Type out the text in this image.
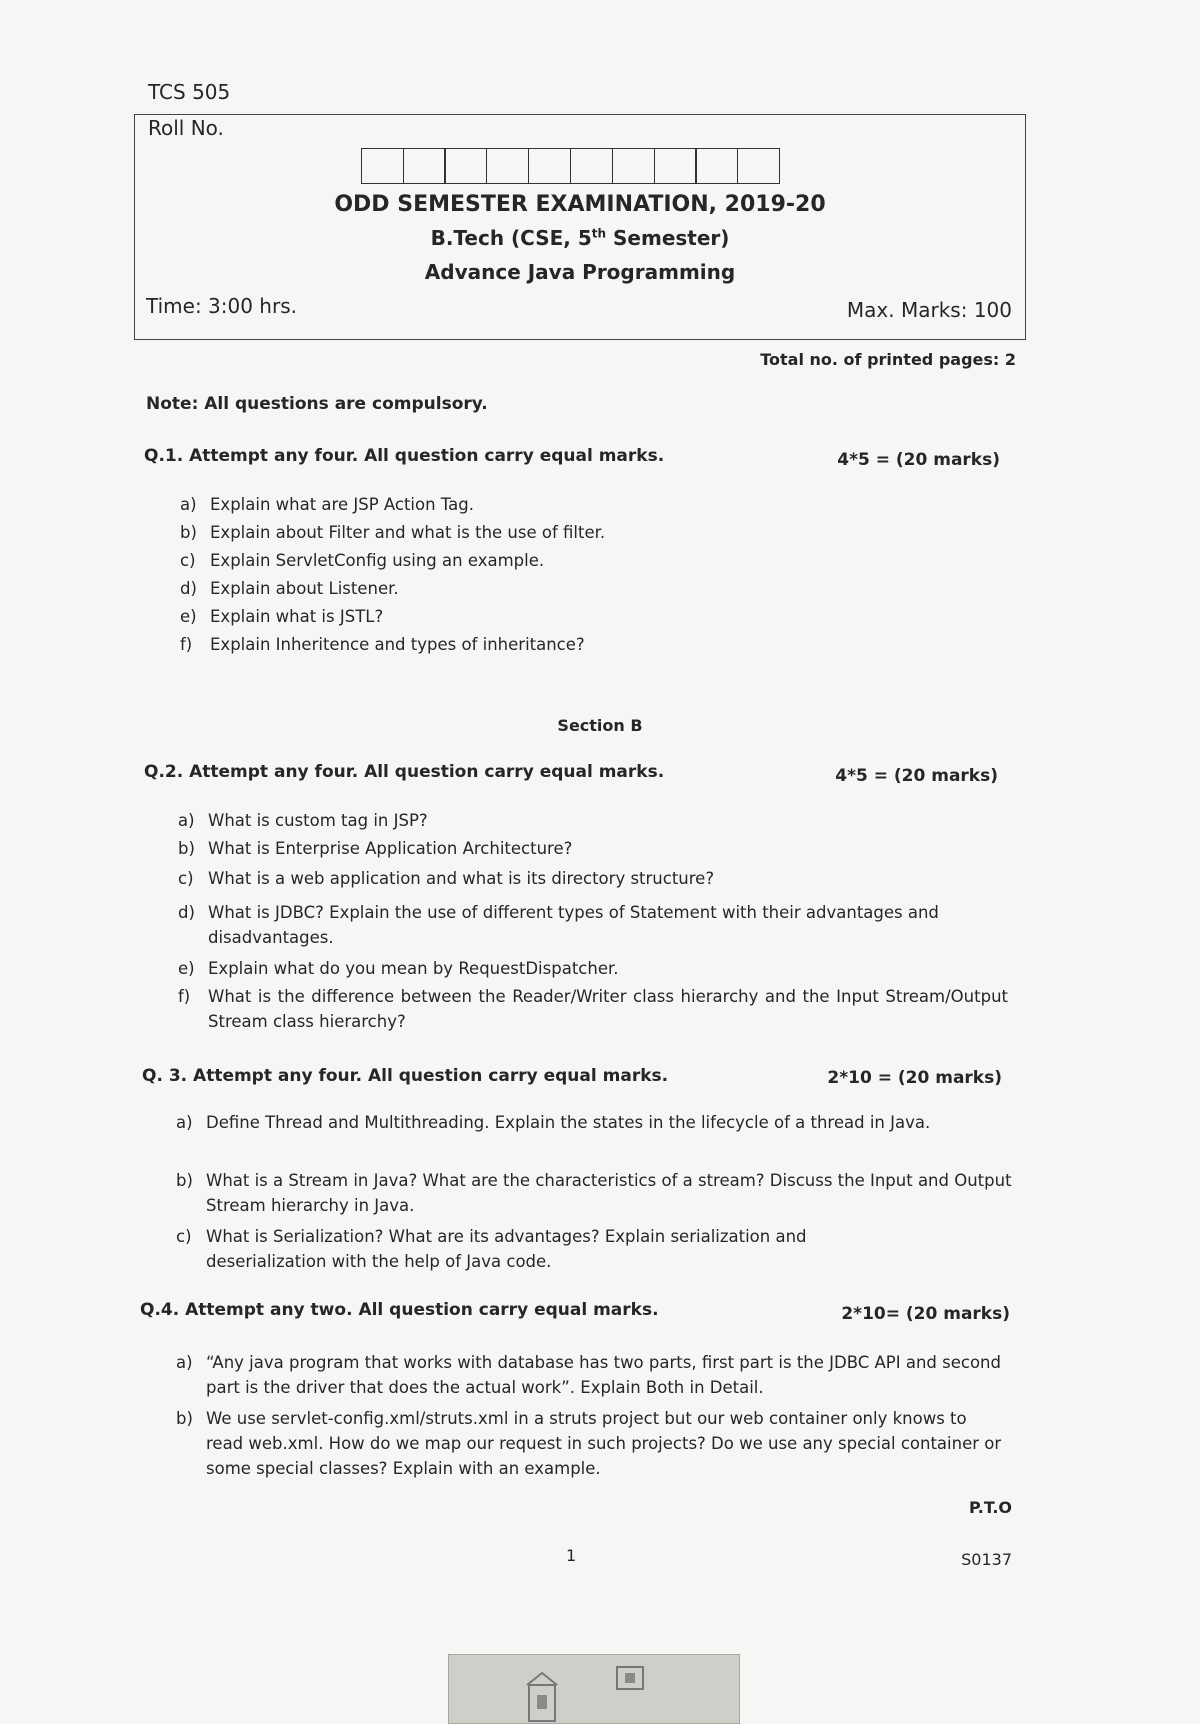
TCS 505
Roll No.
ODD SEMESTER EXAMINATION, 2019-20
B.Tech (CSE, 5th Semester)
Advance Java Programming
Time: 3:00 hrs.	Max. Marks: 100
Total no. of printed pages: 2
Note: All questions are compulsory.
Q.1. Attempt any four. All question carry equal marks.	4*5 = (20 marks)
a) Explain what are JSP Action Tag.
b) Explain about Filter and what is the use of filter.
c) Explain ServletConfig using an example.
d) Explain about Listener.
e) Explain what is JSTL?
f)	Explain Inheritence and types of inheritance?
Section B
Q.2. Attempt any four. All question carry equal marks.	4*5 = (20 marks)
a) What is custom tag in JSP?
b) What is Enterprise Application Architecture?
c) What is a web application and what is its directory structure?
d) What is JDBC? Explain the use of different types of Statement with their advantages and disadvantages.
e) Explain what do you mean by RequestDispatcher.
f)	What is the difference between the Reader/Writer class hierarchy and the Input Stream/Output Stream class hierarchy?
Q. 3. Attempt any four. All question carry equal marks.	2*10 = (20 marks)
a) Define Thread and Multithreading. Explain the states in the lifecycle of a thread in Java.
b) What is a Stream in Java? What are the characteristics of a stream? Discuss the Input and Output Stream hierarchy in Java.
c) What is Serialization? What are its advantages? Explain serialization and deserialization with the help of Java code.
Q.4. Attempt any two. All question carry equal marks.	2*10= (20 marks)
a) “Any java program that works with database has two parts, first part is the JDBC API and second part is the driver that does the actual work”. Explain Both in Detail.
b) We use servlet-config.xml/struts.xml in a struts project but our web container only knows to read web.xml. How do we map our request in such projects? Do we use any special container or some special classes? Explain with an example.
P.T.O
1	S0137
